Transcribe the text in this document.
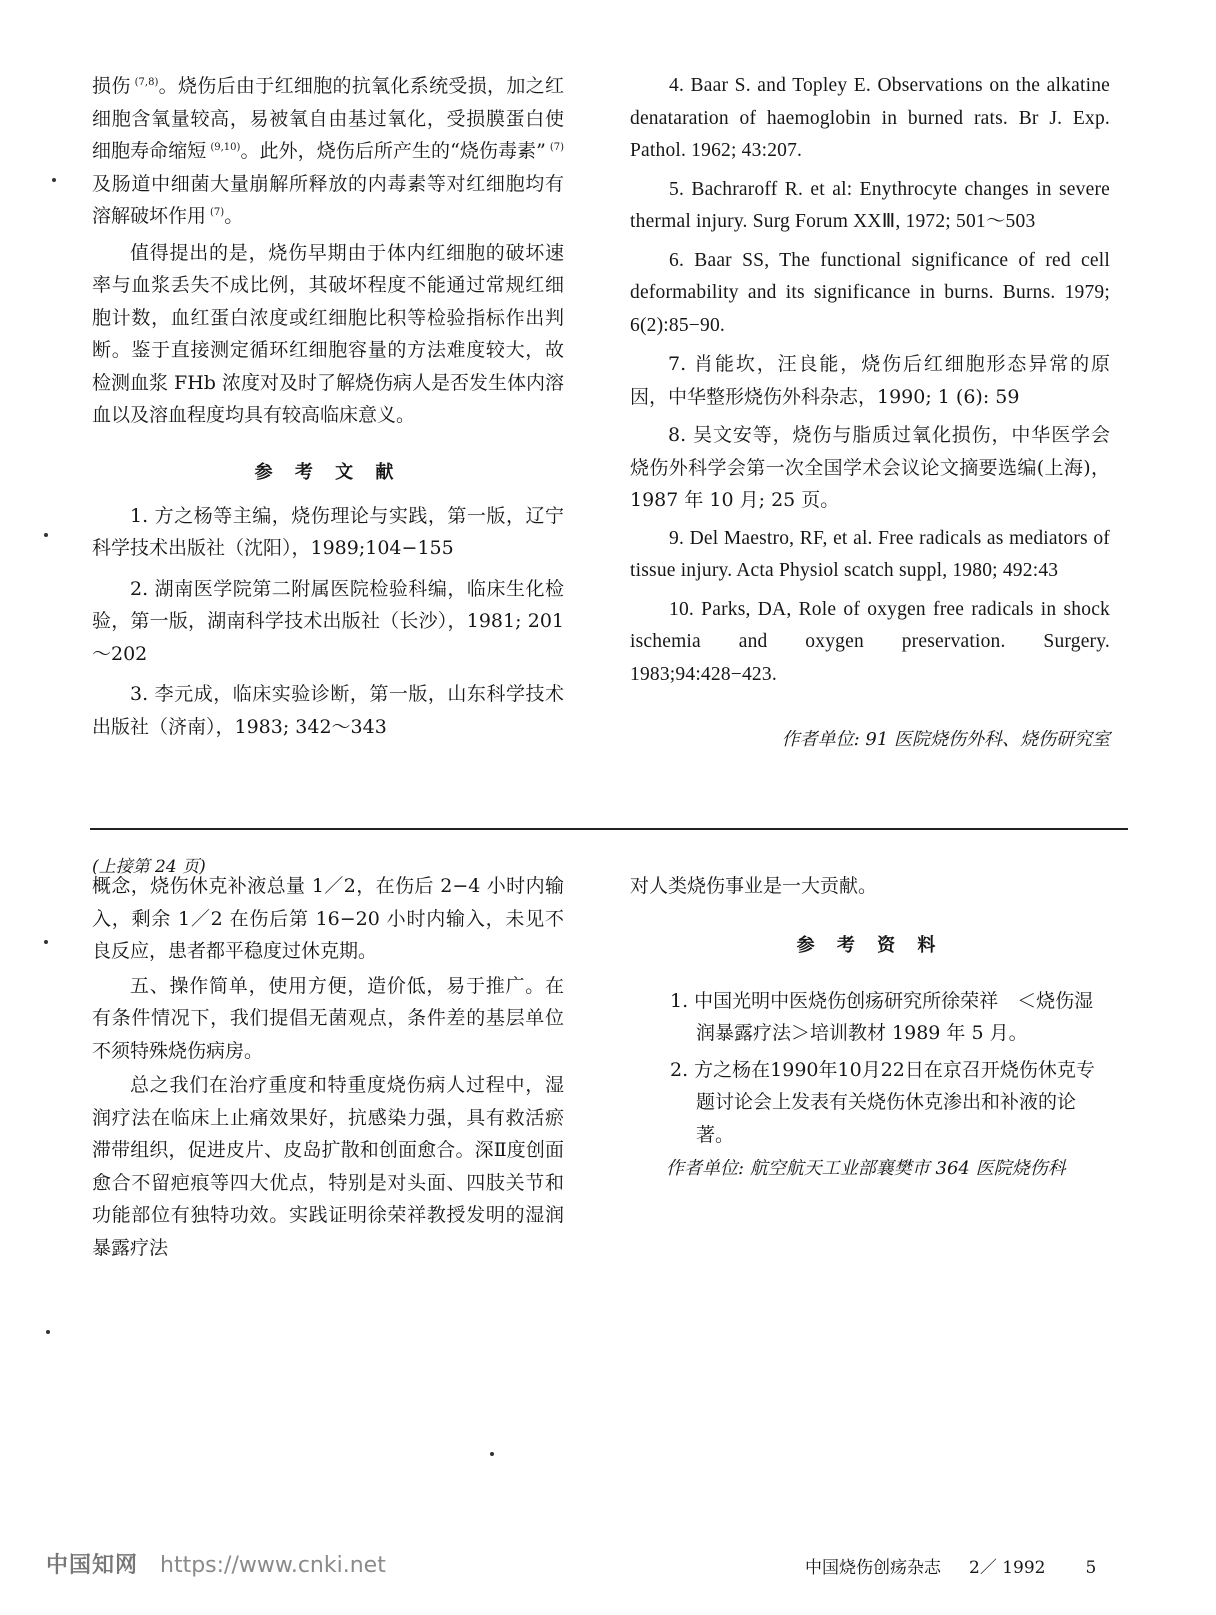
损伤 $^{(7,8)}$。烧伤后由于红细胞的抗氧化系统受损，加之红细胞含氧量较高，易被氧自由基过氧化，受损膜蛋白使细胞寿命缩短 $^{(9,10)}$。此外，烧伤后所产生的“烧伤毒素” $^{(7)}$及肠道中细菌大量崩解所释放的内毒素等对红细胞均有溶解破坏作用 $^{(7)}$。

值得提出的是，烧伤早期由于体内红细胞的破坏速率与血浆丢失不成比例，其破坏程度不能通过常规红细胞计数，血红蛋白浓度或红细胞比积等检验指标作出判断。鉴于直接测定循环红细胞容量的方法难度较大，故检测血浆 FHb 浓度对及时了解烧伤病人是否发生体内溶血以及溶血程度均具有较高临床意义。

参 考 文 献

1. 方之杨等主编，烧伤理论与实践，第一版，辽宁科学技术出版社（沈阳），1989;104−155

2. 湖南医学院第二附属医院检验科编，临床生化检验，第一版，湖南科学技术出版社（长沙），1981; 201～202

3. 李元成，临床实验诊断，第一版，山东科学技术出版社（济南），1983; 342～343

4. Baar S. and Topley E. Observations on the alkatine denataration of haemoglobin in burned rats. Br J. Exp. Pathol. 1962; 43:207.

5. Bachraroff R. et al: Enythrocyte changes in severe thermal injury. Surg Forum XXⅢ, 1972; 501～503

6. Baar SS, The functional significance of red cell deformability and its significance in burns. Burns. 1979; 6(2):85−90.

7. 肖能坎，汪良能，烧伤后红细胞形态异常的原因，中华整形烧伤外科杂志，1990; 1 (6): 59

8. 吴文安等，烧伤与脂质过氧化损伤，中华医学会烧伤外科学会第一次全国学术会议论文摘要选编(上海)，1987 年 10 月; 25 页。

9. Del Maestro, RF, et al. Free radicals as mediators of tissue injury. Acta Physiol scatch suppl, 1980; 492:43

10. Parks, DA, Role of oxygen free radicals in shock ischemia and oxygen preservation. Surgery. 1983;94:428−423.

作者单位: 91 医院烧伤外科、烧伤研究室

(上接第 24 页)

概念，烧伤休克补液总量 1／2，在伤后 2−4 小时内输入，剩余 1／2 在伤后第 16−20 小时内输入，未见不良反应，患者都平稳度过休克期。

五、操作简单，使用方便，造价低，易于推广。在有条件情况下，我们提倡无菌观点，条件差的基层单位不须特殊烧伤病房。

总之我们在治疗重度和特重度烧伤病人过程中，湿润疗法在临床上止痛效果好，抗感染力强，具有救活瘀滞带组织，促进皮片、皮岛扩散和创面愈合。深Ⅱ度创面愈合不留疤痕等四大优点，特别是对头面、四肢关节和功能部位有独特功效。实践证明徐荣祥教授发明的湿润暴露疗法

对人类烧伤事业是一大贡献。

参 考 资 料

1. 中国光明中医烧伤创疡研究所徐荣祥　＜烧伤湿润暴露疗法＞培训教材 1989 年 5 月。
2. 方之杨在1990年10月22日在京召开烧伤休克专题讨论会上发表有关烧伤休克渗出和补液的论著。

作者单位: 航空航天工业部襄樊市 364 医院烧伤科

中国知网 https://www.cnki.net	中国烧伤创疡杂志 2／ 1992 5
